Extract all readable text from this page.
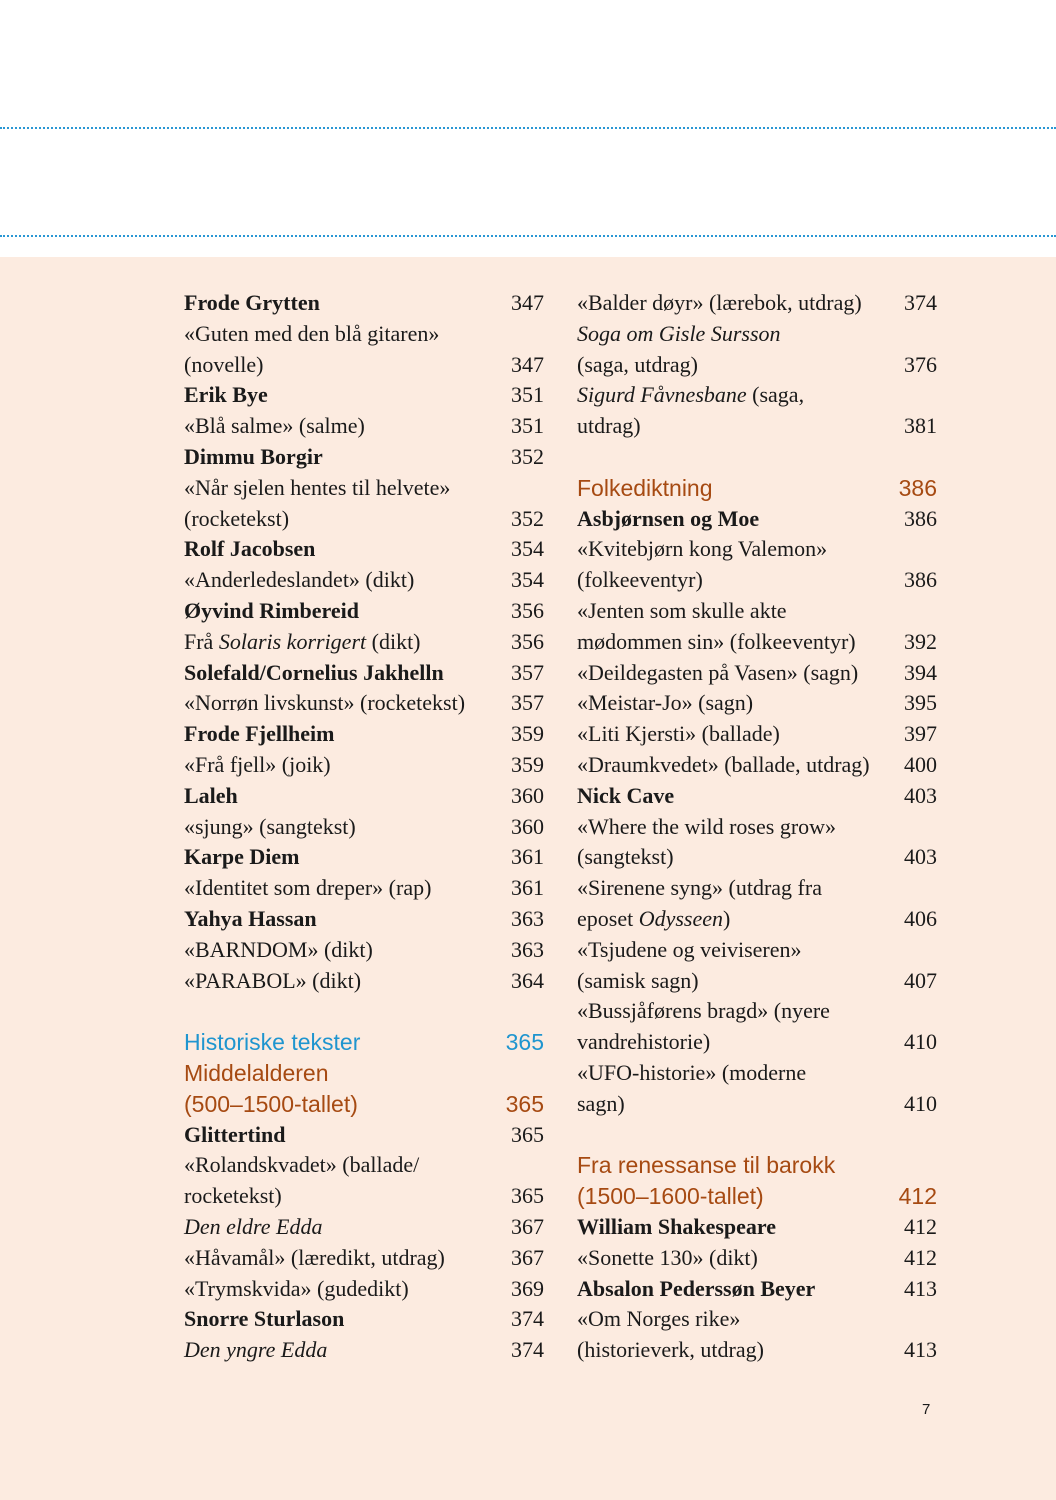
Frode Grytten	347
«Guten med den blå gitaren»
(novelle)	347
Erik Bye	351
«Blå salme» (salme)	351
Dimmu Borgir	352
«Når sjelen hentes til helvete»
(rocketekst)	352
Rolf Jacobsen	354
«Anderledeslandet» (dikt)	354
Øyvind Rimbereid	356
Frå Solaris korrigert (dikt)	356
Solefald/Cornelius Jakhelln	357
«Norrøn livskunst» (rocketekst)	357
Frode Fjellheim	359
«Frå fjell» (joik)	359
Laleh	360
«sjung» (sangtekst)	360
Karpe Diem	361
«Identitet som dreper» (rap)	361
Yahya Hassan	363
«BARNDOM» (dikt)	363
«PARABOL» (dikt)	364
Historiske tekster	365
Middelalderen
(500–1500-tallet)	365
Glittertind	365
«Rolandskvadet» (ballade/
rocketekst)	365
Den eldre Edda	367
«Håvamål» (læredikt, utdrag)	367
«Trymskvida» (gudedikt)	369
Snorre Sturlason	374
Den yngre Edda	374
«Balder døyr» (lærebok, utdrag)	374
Soga om Gisle Sursson
(saga, utdrag)	376
Sigurd Fåvnesbane (saga,
utdrag)	381
Folkediktning	386
Asbjørnsen og Moe	386
«Kvitebjørn kong Valemon»
(folkeeventyr)	386
«Jenten som skulle akte
mødommen sin» (folkeeventyr)	392
«Deildegasten på Vasen» (sagn)	394
«Meistar-Jo» (sagn)	395
«Liti Kjersti» (ballade)	397
«Draumkvedet» (ballade, utdrag)	400
Nick Cave	403
«Where the wild roses grow»
(sangtekst)	403
«Sirenene syng» (utdrag fra
eposet Odysseen)	406
«Tsjudene og veiviseren»
(samisk sagn)	407
«Bussjåførens bragd» (nyere
vandrehistorie)	410
«UFO-historie» (moderne
sagn)	410
Fra renessanse til barokk
(1500–1600-tallet)	412
William Shakespeare	412
«Sonette 130» (dikt)	412
Absalon Pederssøn Beyer	413
«Om Norges rike»
(historieverk, utdrag)	413
7
